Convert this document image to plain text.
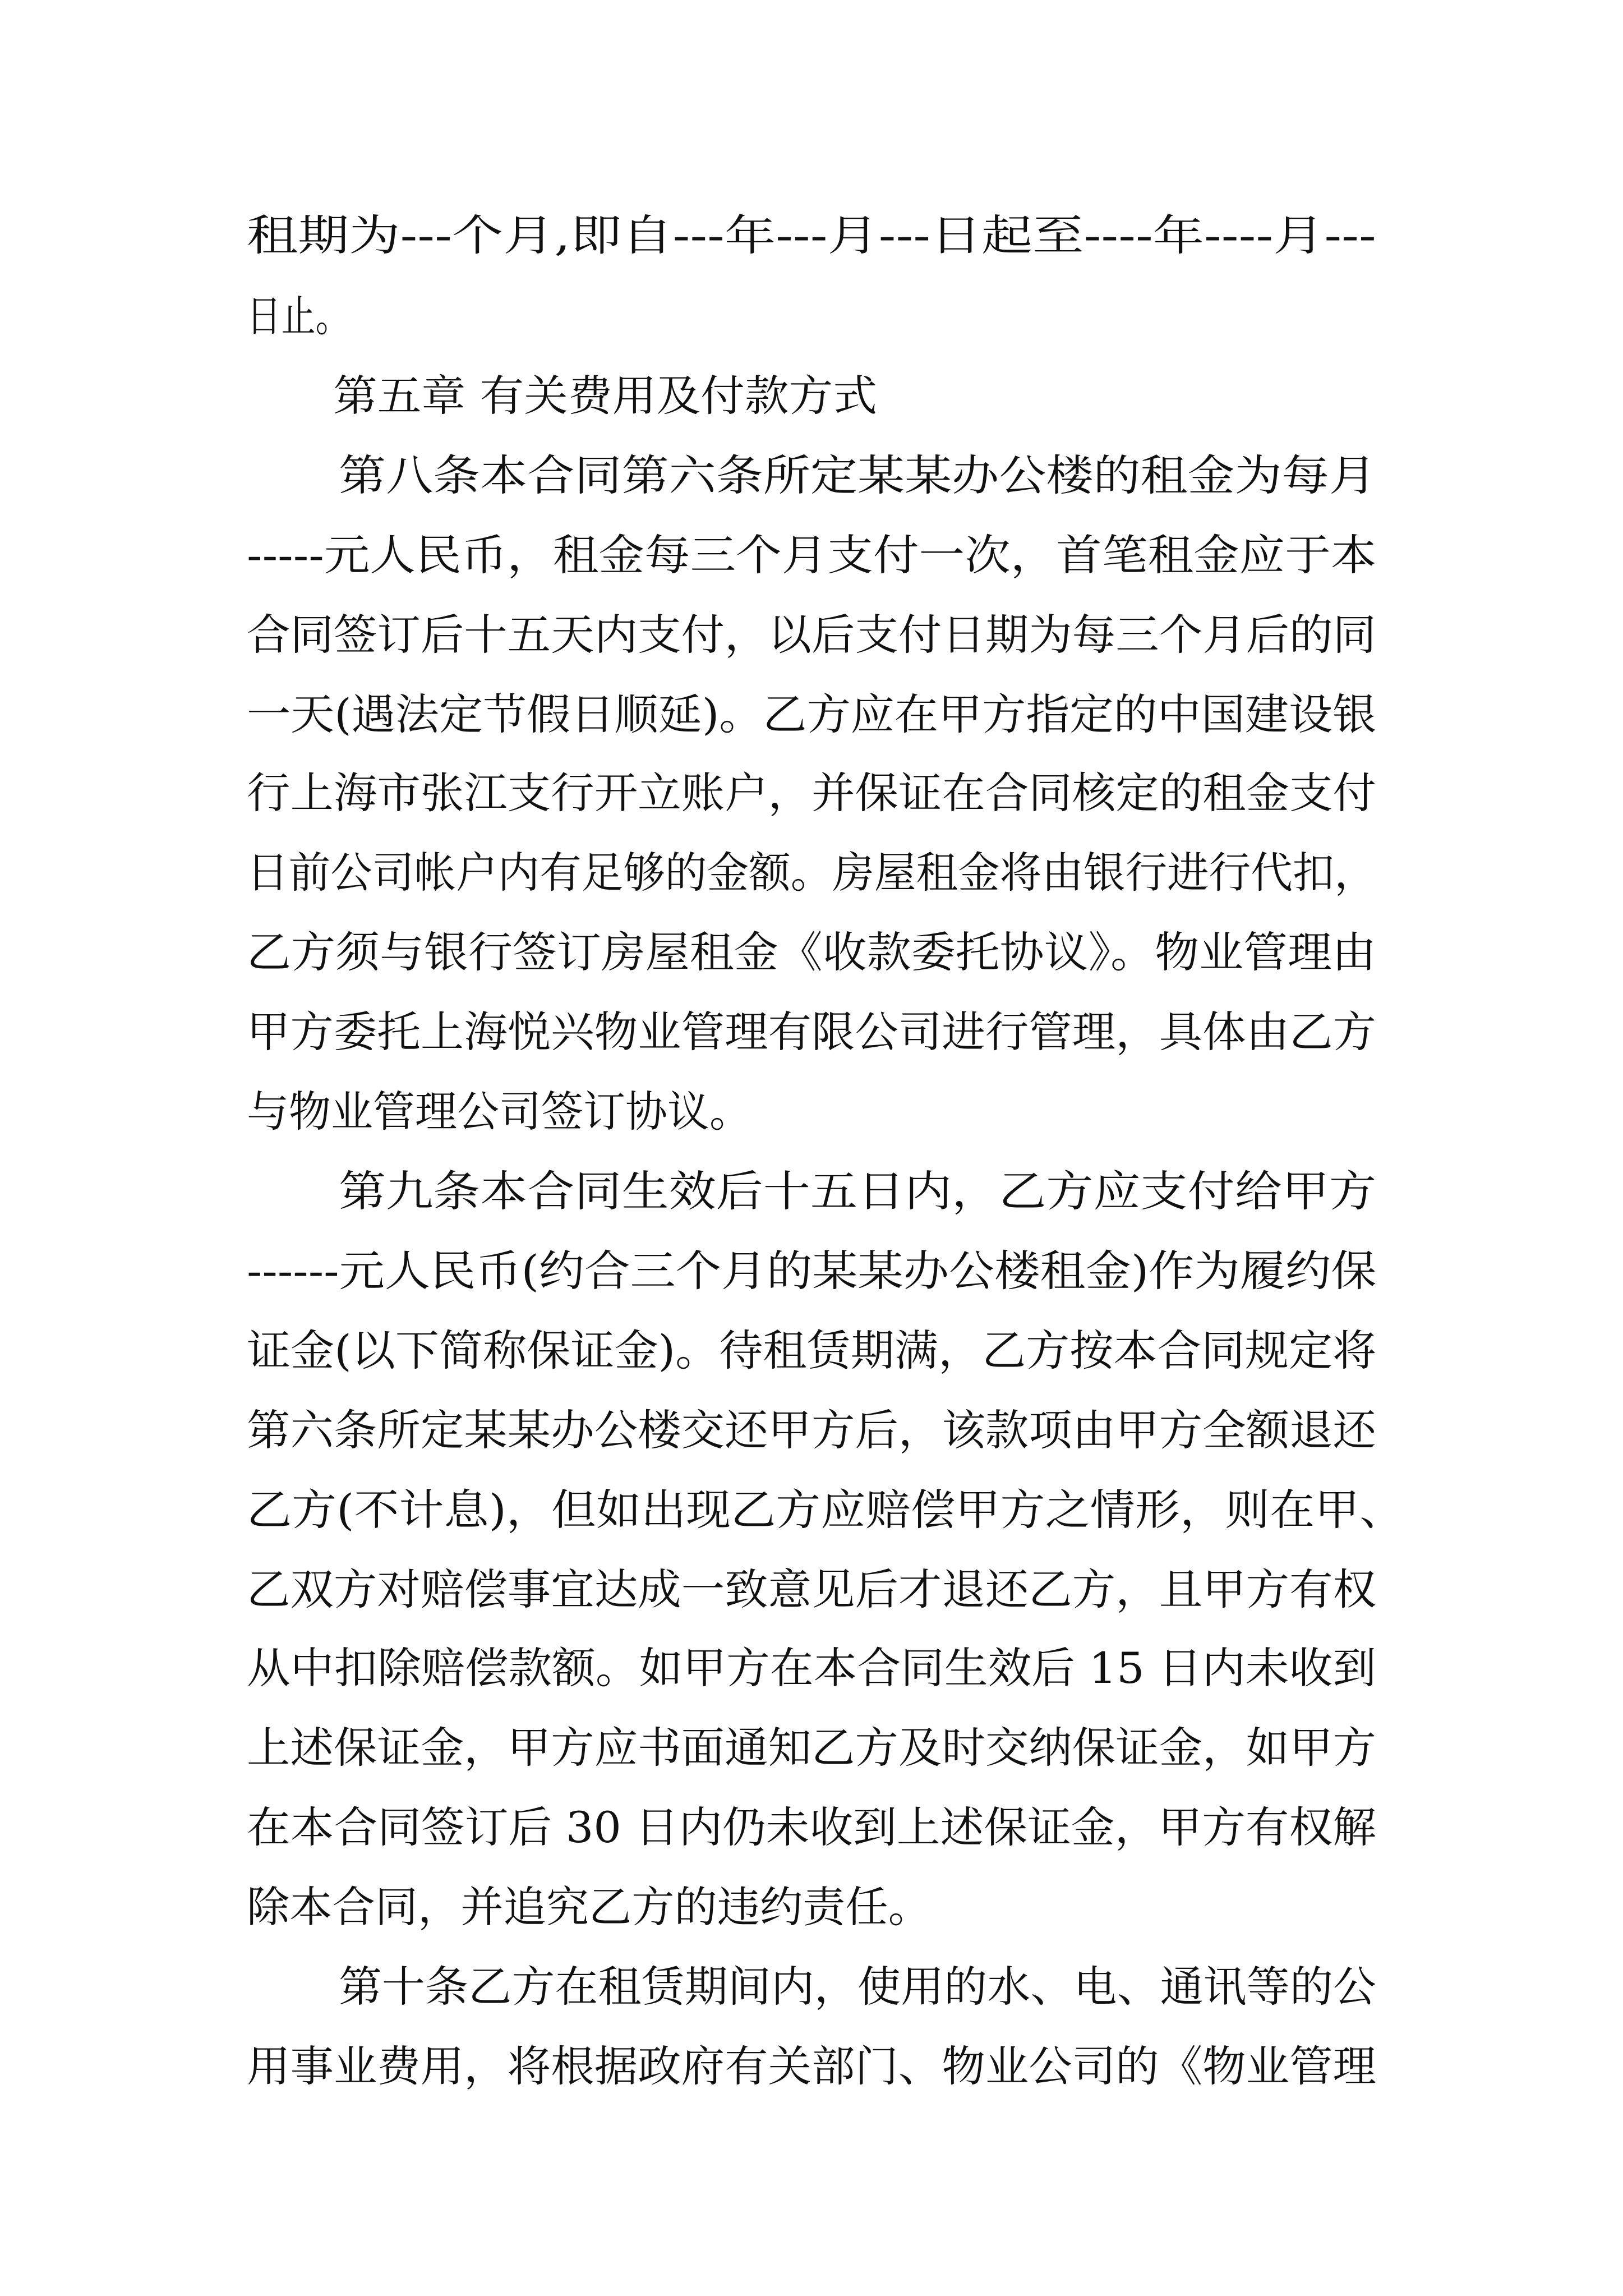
租期为---个月,即自---年---月---日起至----年----月---
日止。
第五章 有关费用及付款方式
第八条本合同第六条所定某某办公楼的租金为每月
-----元人民币，租金每三个月支付一次，首笔租金应于本
合同签订后十五天内支付，以后支付日期为每三个月后的同
一天(遇法定节假日顺延)。乙方应在甲方指定的中国建设银
行上海市张江支行开立账户，并保证在合同核定的租金支付
日前公司帐户内有足够的金额。房屋租金将由银行进行代扣，
乙方须与银行签订房屋租金《收款委托协议》。物业管理由
甲方委托上海悦兴物业管理有限公司进行管理，具体由乙方
与物业管理公司签订协议。
第九条本合同生效后十五日内，乙方应支付给甲方
------元人民币(约合三个月的某某办公楼租金)作为履约保
证金(以下简称保证金)。待租赁期满，乙方按本合同规定将
第六条所定某某办公楼交还甲方后，该款项由甲方全额退还
乙方(不计息)，但如出现乙方应赔偿甲方之情形，则在甲、
乙双方对赔偿事宜达成一致意见后才退还乙方，且甲方有权
从中扣除赔偿款额。如甲方在本合同生效后 15 日内未收到
上述保证金，甲方应书面通知乙方及时交纳保证金，如甲方
在本合同签订后 30 日内仍未收到上述保证金，甲方有权解
除本合同，并追究乙方的违约责任。
第十条乙方在租赁期间内，使用的水、电、通讯等的公
用事业费用，将根据政府有关部门、物业公司的《物业管理
